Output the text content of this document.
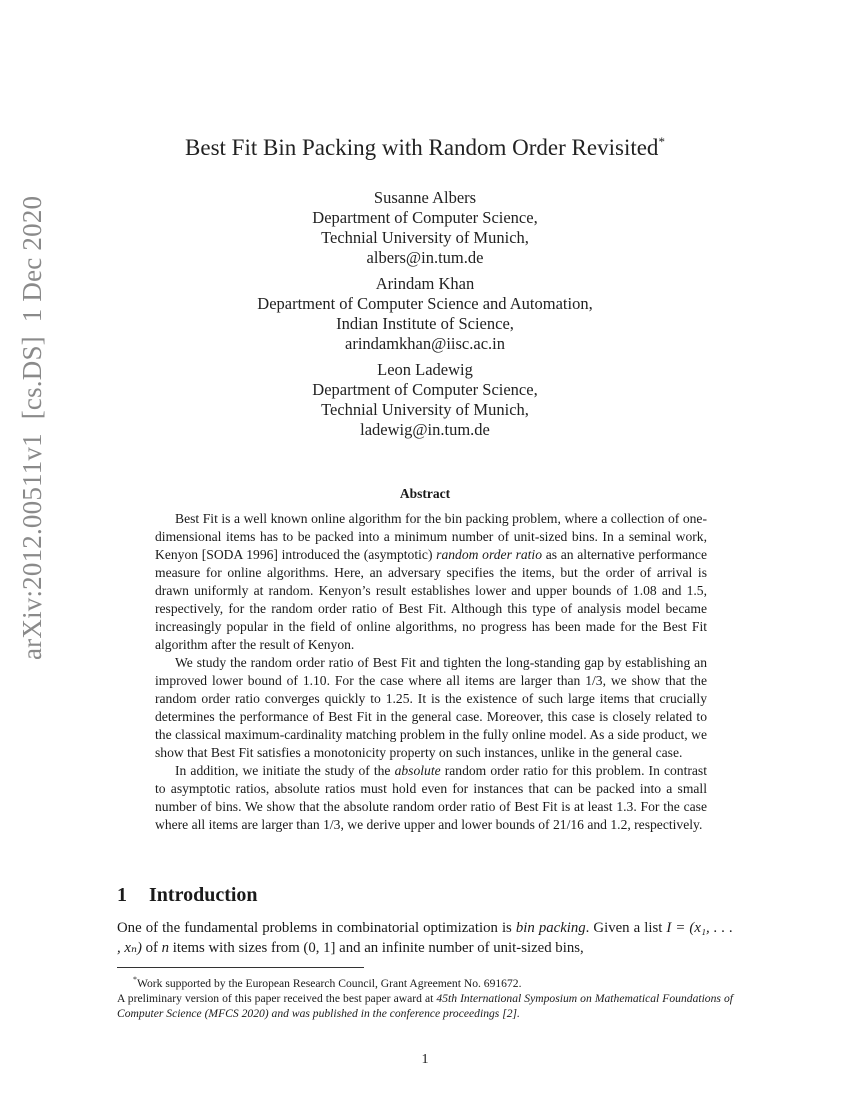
arXiv:2012.00511v1  [cs.DS]  1 Dec 2020
Best Fit Bin Packing with Random Order Revisited*
Susanne Albers
Department of Computer Science,
Technial University of Munich,
albers@in.tum.de
Arindam Khan
Department of Computer Science and Automation,
Indian Institute of Science,
arindamkhan@iisc.ac.in
Leon Ladewig
Department of Computer Science,
Technial University of Munich,
ladewig@in.tum.de
Abstract

Best Fit is a well known online algorithm for the bin packing problem, where a collection of one-dimensional items has to be packed into a minimum number of unit-sized bins. In a seminal work, Kenyon [SODA 1996] introduced the (asymptotic) random order ratio as an alternative performance measure for online algorithms. Here, an adversary specifies the items, but the order of arrival is drawn uniformly at random. Kenyon’s result establishes lower and upper bounds of 1.08 and 1.5, respectively, for the random order ratio of Best Fit. Although this type of analysis model became increasingly popular in the field of online algorithms, no progress has been made for the Best Fit algorithm after the result of Kenyon.

We study the random order ratio of Best Fit and tighten the long-standing gap by establishing an improved lower bound of 1.10. For the case where all items are larger than 1/3, we show that the random order ratio converges quickly to 1.25. It is the existence of such large items that crucially determines the performance of Best Fit in the general case. Moreover, this case is closely related to the classical maximum-cardinality matching problem in the fully online model. As a side product, we show that Best Fit satisfies a monotonicity property on such instances, unlike in the general case.

In addition, we initiate the study of the absolute random order ratio for this problem. In contrast to asymptotic ratios, absolute ratios must hold even for instances that can be packed into a small number of bins. We show that the absolute random order ratio of Best Fit is at least 1.3. For the case where all items are larger than 1/3, we derive upper and lower bounds of 21/16 and 1.2, respectively.

1 Introduction

One of the fundamental problems in combinatorial optimization is bin packing. Given a list I = (x₁, . . . , xₙ) of n items with sizes from (0, 1] and an infinite number of unit-sized bins,

*Work supported by the European Research Council, Grant Agreement No. 691672.

A preliminary version of this paper received the best paper award at 45th International Symposium on Mathematical Foundations of Computer Science (MFCS 2020) and was published in the conference proceedings [2].

1
